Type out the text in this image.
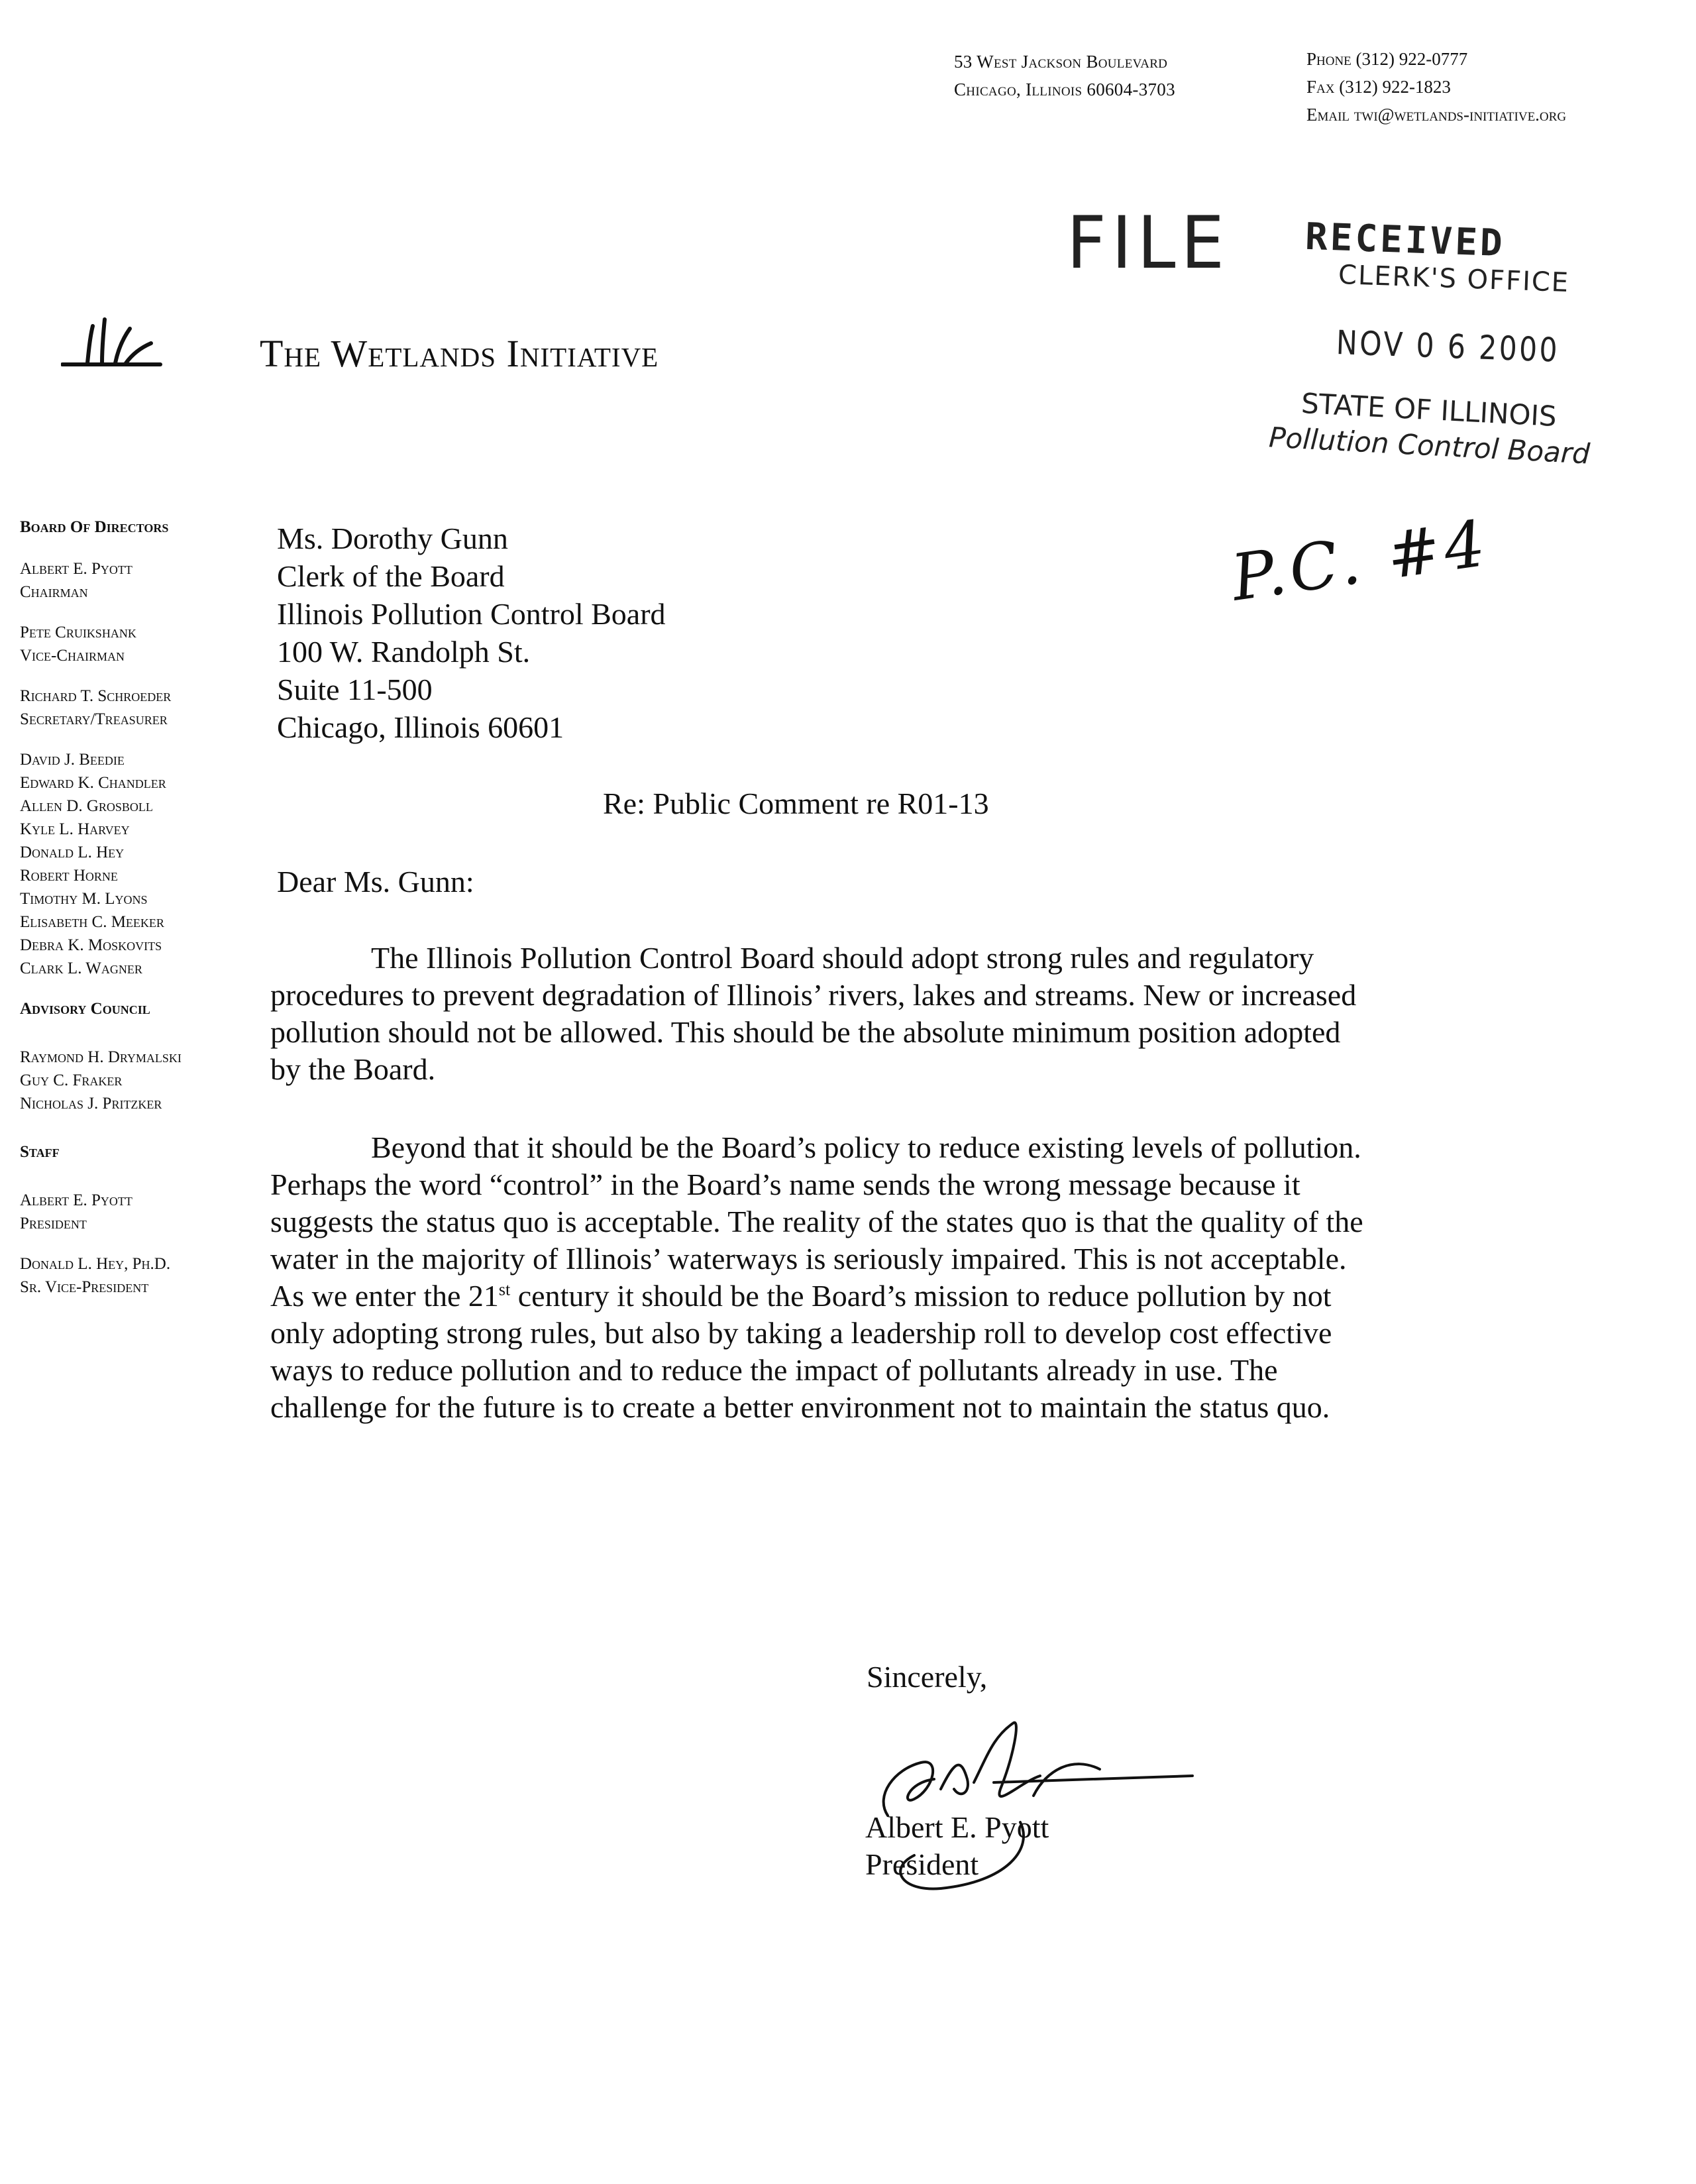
53 West Jackson Boulevard
Chicago, Illinois 60604-3703
Phone (312) 922-0777
Fax (312) 922-1823
Email twi@wetlands-initiative.org
FILE RECEIVED
CLERK'S OFFICE
NOV 0 6 2000
STATE OF ILLINOIS
Pollution Control Board
P.C. #4
The Wetlands Initiative
Board Of Directors
Albert E. Pyott
Chairman
Pete Cruikshank
Vice-Chairman
Richard T. Schroeder
Secretary/Treasurer
David J. Beedie
Edward K. Chandler
Allen D. Grosboll
Kyle L. Harvey
Donald L. Hey
Robert Horne
Timothy M. Lyons
Elisabeth C. Meeker
Debra K. Moskovits
Clark L. Wagner
Advisory Council
Raymond H. Drymalski
Guy C. Fraker
Nicholas J. Pritzker
Staff
Albert E. Pyott
President
Donald L. Hey, Ph.D.
Sr. Vice-President
Ms. Dorothy Gunn
Clerk of the Board
Illinois Pollution Control Board
100 W. Randolph St.
Suite 11-500
Chicago, Illinois 60601
Re: Public Comment re R01-13
Dear Ms. Gunn:

The Illinois Pollution Control Board should adopt strong rules and regulatory procedures to prevent degradation of Illinois’ rivers, lakes and streams. New or increased pollution should not be allowed. This should be the absolute minimum position adopted by the Board.

Beyond that it should be the Board’s policy to reduce existing levels of pollution. Perhaps the word “control” in the Board’s name sends the wrong message because it suggests the status quo is acceptable. The reality of the states quo is that the quality of the water in the majority of Illinois’ waterways is seriously impaired. This is not acceptable. As we enter the 21st century it should be the Board’s mission to reduce pollution by not only adopting strong rules, but also by taking a leadership roll to develop cost effective ways to reduce pollution and to reduce the impact of pollutants already in use. The challenge for the future is to create a better environment not to maintain the status quo.

Sincerely,
Albert E. Pyott
President
